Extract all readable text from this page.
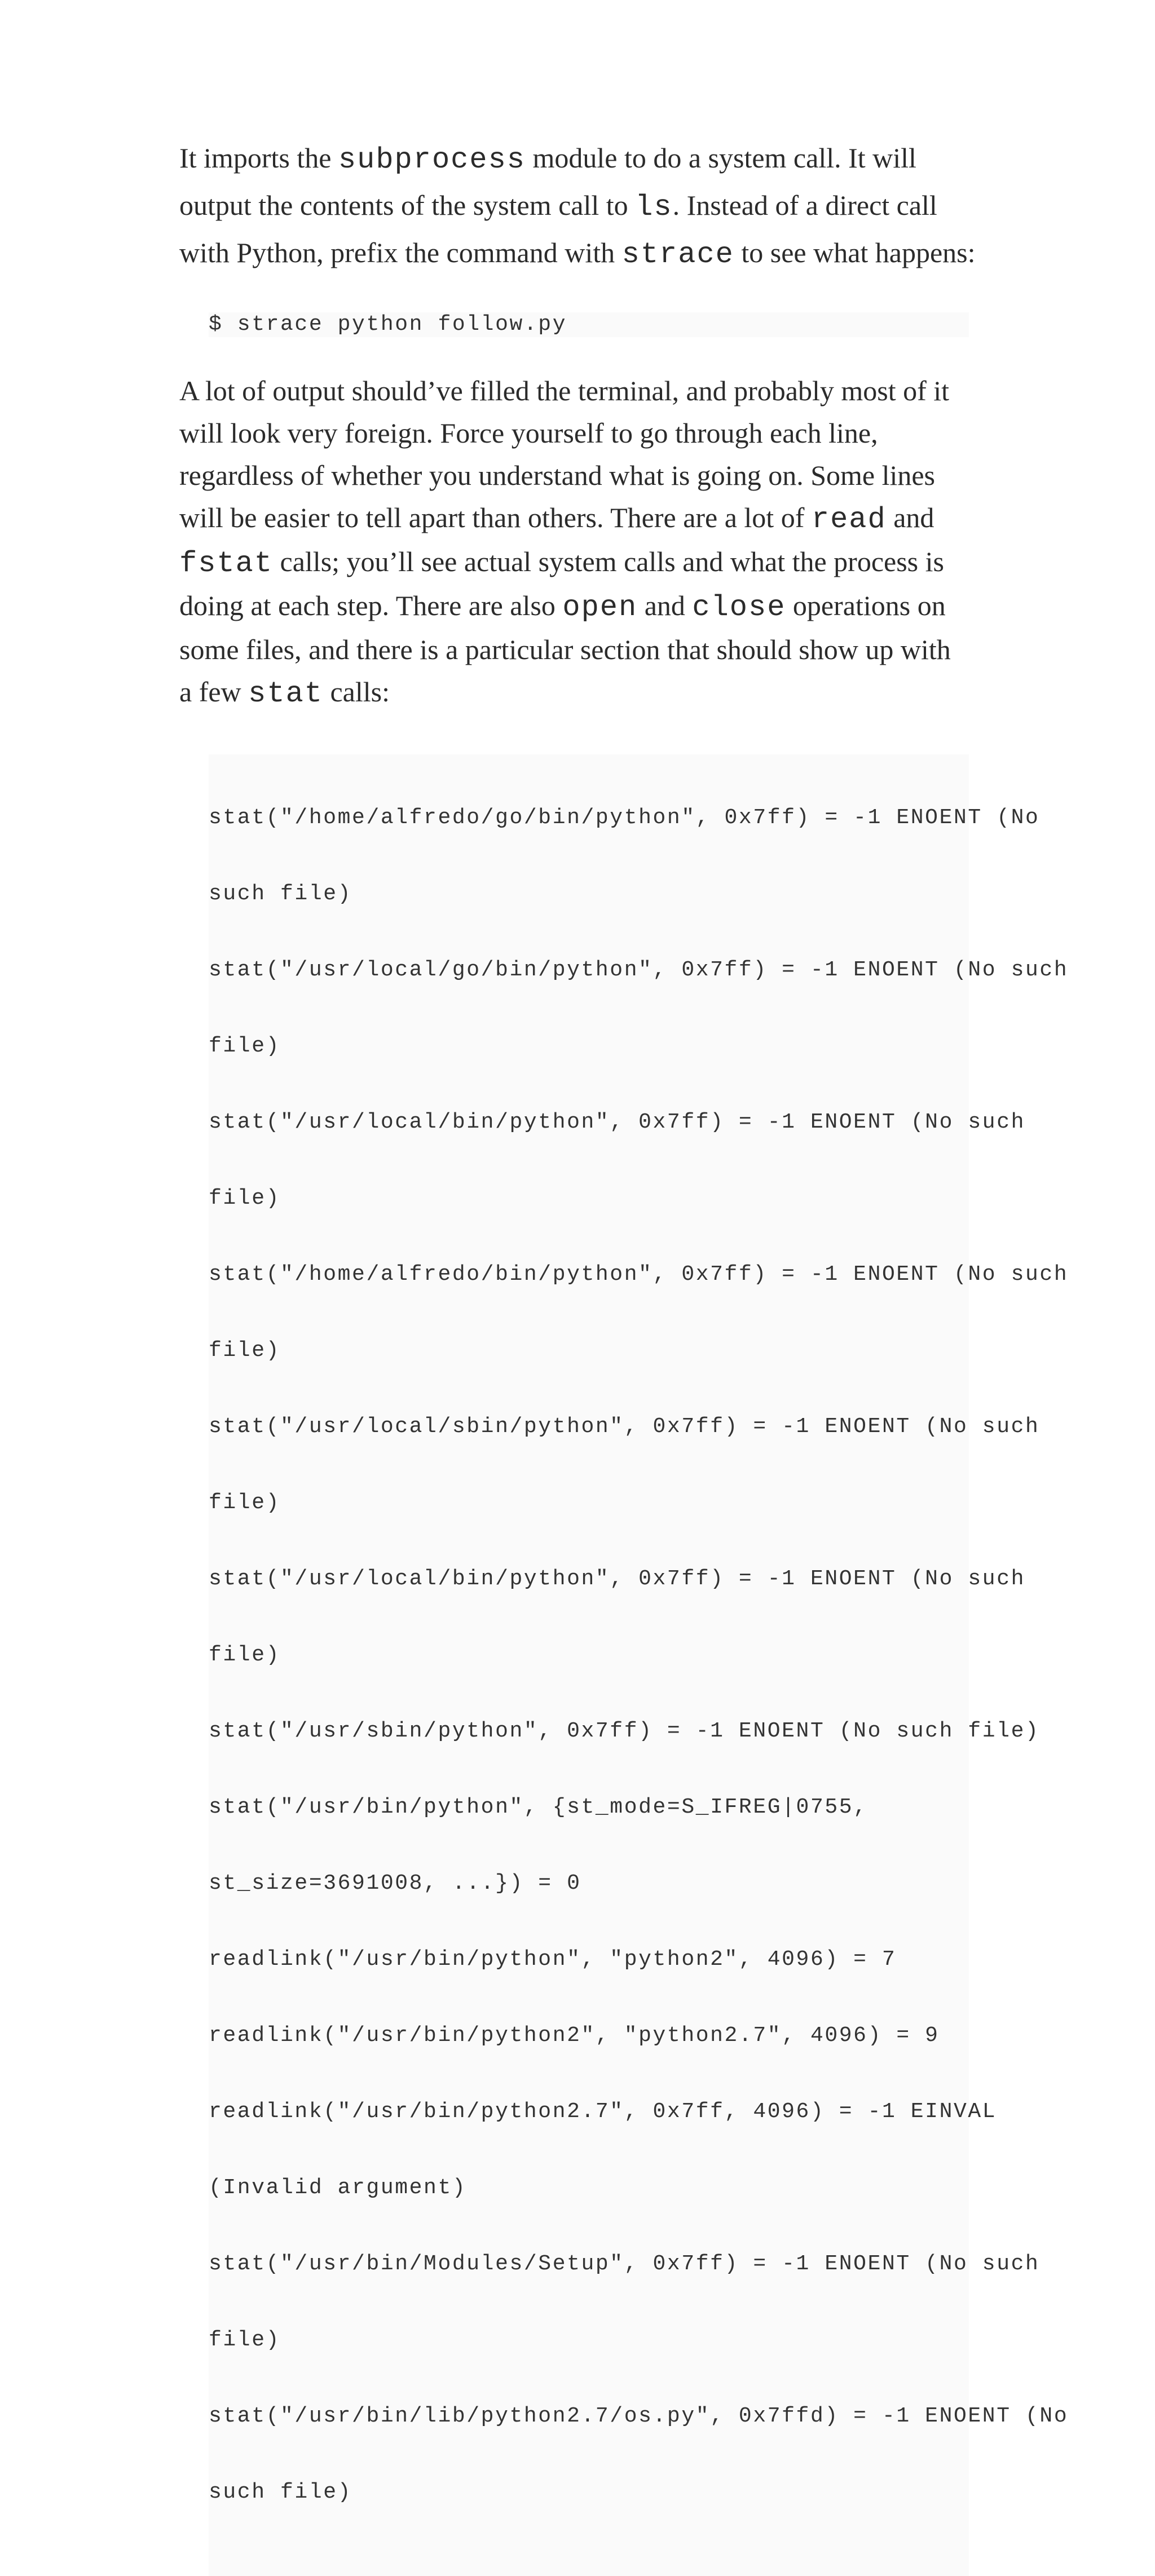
It imports the subprocess module to do a system call. It will output the contents of the system call to ls. Instead of a direct call with Python, prefix the command with strace to see what happens:

$ strace python follow.py

A lot of output should’ve filled the terminal, and probably most of it will look very foreign. Force yourself to go through each line, regardless of whether you understand what is going on. Some lines will be easier to tell apart than others. There are a lot of read and fstat calls; you’ll see actual system calls and what the process is doing at each step. There are also open and close operations on some files, and there is a particular section that should show up with a few stat calls:

stat("/home/alfredo/go/bin/python", 0x7ff) = -1 ENOENT (No

such file)

stat("/usr/local/go/bin/python", 0x7ff) = -1 ENOENT (No such

file)

stat("/usr/local/bin/python", 0x7ff) = -1 ENOENT (No such

file)

stat("/home/alfredo/bin/python", 0x7ff) = -1 ENOENT (No such

file)

stat("/usr/local/sbin/python", 0x7ff) = -1 ENOENT (No such

file)

stat("/usr/local/bin/python", 0x7ff) = -1 ENOENT (No such

file)

stat("/usr/sbin/python", 0x7ff) = -1 ENOENT (No such file)

stat("/usr/bin/python", {st_mode=S_IFREG|0755,

st_size=3691008, ...}) = 0

readlink("/usr/bin/python", "python2", 4096) = 7

readlink("/usr/bin/python2", "python2.7", 4096) = 9

readlink("/usr/bin/python2.7", 0x7ff, 4096) = -1 EINVAL

(Invalid argument)

stat("/usr/bin/Modules/Setup", 0x7ff) = -1 ENOENT (No such

file)

stat("/usr/bin/lib/python2.7/os.py", 0x7ffd) = -1 ENOENT (No

such file)
